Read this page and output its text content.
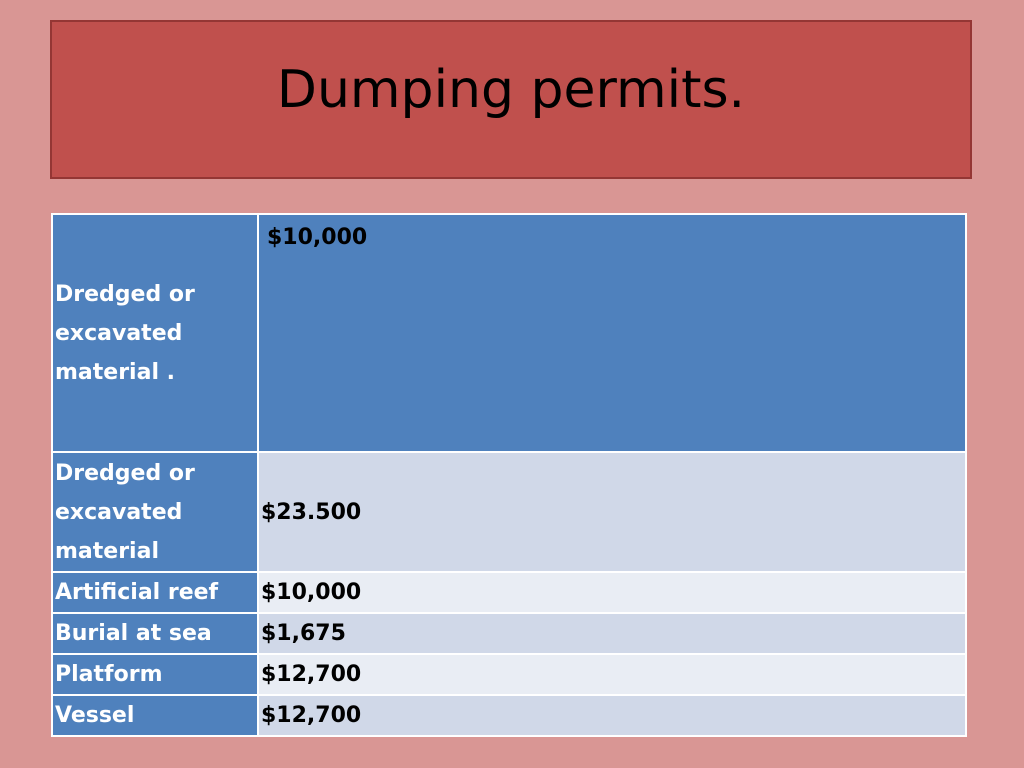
Dumping permits.
Dredged or excavated material .	$10,000
Dredged or excavated material	$23.500
Artificial reef	$10,000
Burial at sea	$1,675
Platform	$12,700
Vessel	$12,700
